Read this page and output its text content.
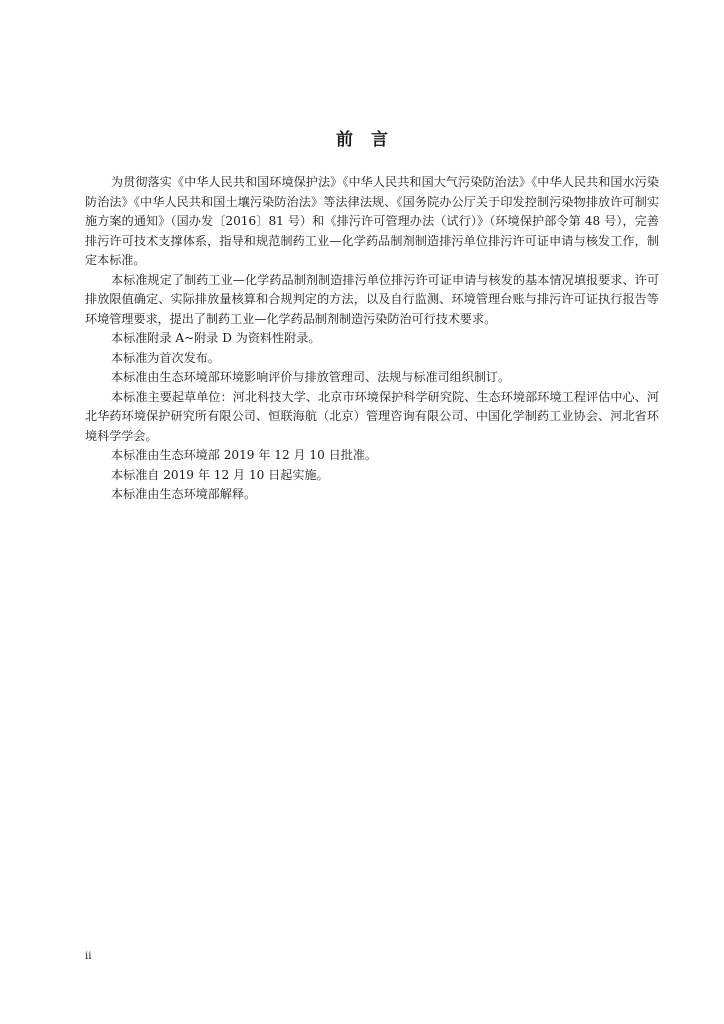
前言

为贯彻落实《中华人民共和国环境保护法》《中华人民共和国大气污染防治法》《中华人民共和国水污染防治法》《中华人民共和国土壤污染防治法》等法律法规、《国务院办公厅关于印发控制污染物排放许可制实施方案的通知》（国办发〔2016〕81 号）和《排污许可管理办法（试行）》（环境保护部令第 48 号），完善排污许可技术支撑体系，指导和规范制药工业—化学药品制剂制造排污单位排污许可证申请与核发工作，制定本标准。

本标准规定了制药工业—化学药品制剂制造排污单位排污许可证申请与核发的基本情况填报要求、许可排放限值确定、实际排放量核算和合规判定的方法，以及自行监测、环境管理台账与排污许可证执行报告等环境管理要求，提出了制药工业—化学药品制剂制造污染防治可行技术要求。

本标准附录 A~附录 D 为资料性附录。

本标准为首次发布。

本标准由生态环境部环境影响评价与排放管理司、法规与标准司组织制订。

本标准主要起草单位：河北科技大学、北京市环境保护科学研究院、生态环境部环境工程评估中心、河北华药环境保护研究所有限公司、恒联海航（北京）管理咨询有限公司、中国化学制药工业协会、河北省环境科学学会。

本标准由生态环境部 2019 年 12 月 10 日批准。

本标准自 2019 年 12 月 10 日起实施。

本标准由生态环境部解释。

ii
